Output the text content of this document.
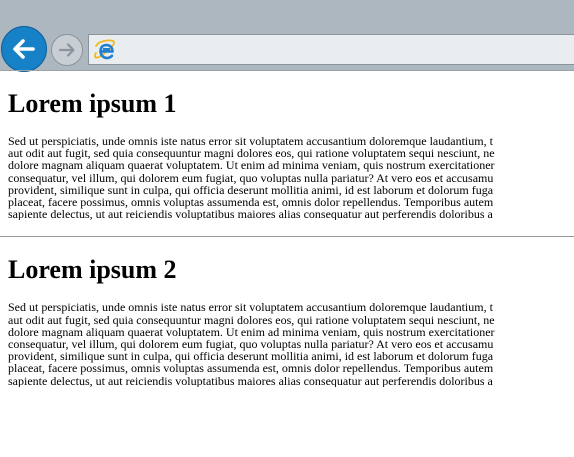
Lorem ipsum 1

Sed ut perspiciatis, unde omnis iste natus error sit voluptatem accusantium doloremque laudantium, t
aut odit aut fugit, sed quia consequuntur magni dolores eos, qui ratione voluptatem sequi nesciunt, ne
dolore magnam aliquam quaerat voluptatem. Ut enim ad minima veniam, quis nostrum exercitationer
consequatur, vel illum, qui dolorem eum fugiat, quo voluptas nulla pariatur? At vero eos et accusamu
provident, similique sunt in culpa, qui officia deserunt mollitia animi, id est laborum et dolorum fuga
placeat, facere possimus, omnis voluptas assumenda est, omnis dolor repellendus. Temporibus autem
sapiente delectus, ut aut reiciendis voluptatibus maiores alias consequatur aut perferendis doloribus a

Lorem ipsum 2

Sed ut perspiciatis, unde omnis iste natus error sit voluptatem accusantium doloremque laudantium, t
aut odit aut fugit, sed quia consequuntur magni dolores eos, qui ratione voluptatem sequi nesciunt, ne
dolore magnam aliquam quaerat voluptatem. Ut enim ad minima veniam, quis nostrum exercitationer
consequatur, vel illum, qui dolorem eum fugiat, quo voluptas nulla pariatur? At vero eos et accusamu
provident, similique sunt in culpa, qui officia deserunt mollitia animi, id est laborum et dolorum fuga
placeat, facere possimus, omnis voluptas assumenda est, omnis dolor repellendus. Temporibus autem
sapiente delectus, ut aut reiciendis voluptatibus maiores alias consequatur aut perferendis doloribus a
